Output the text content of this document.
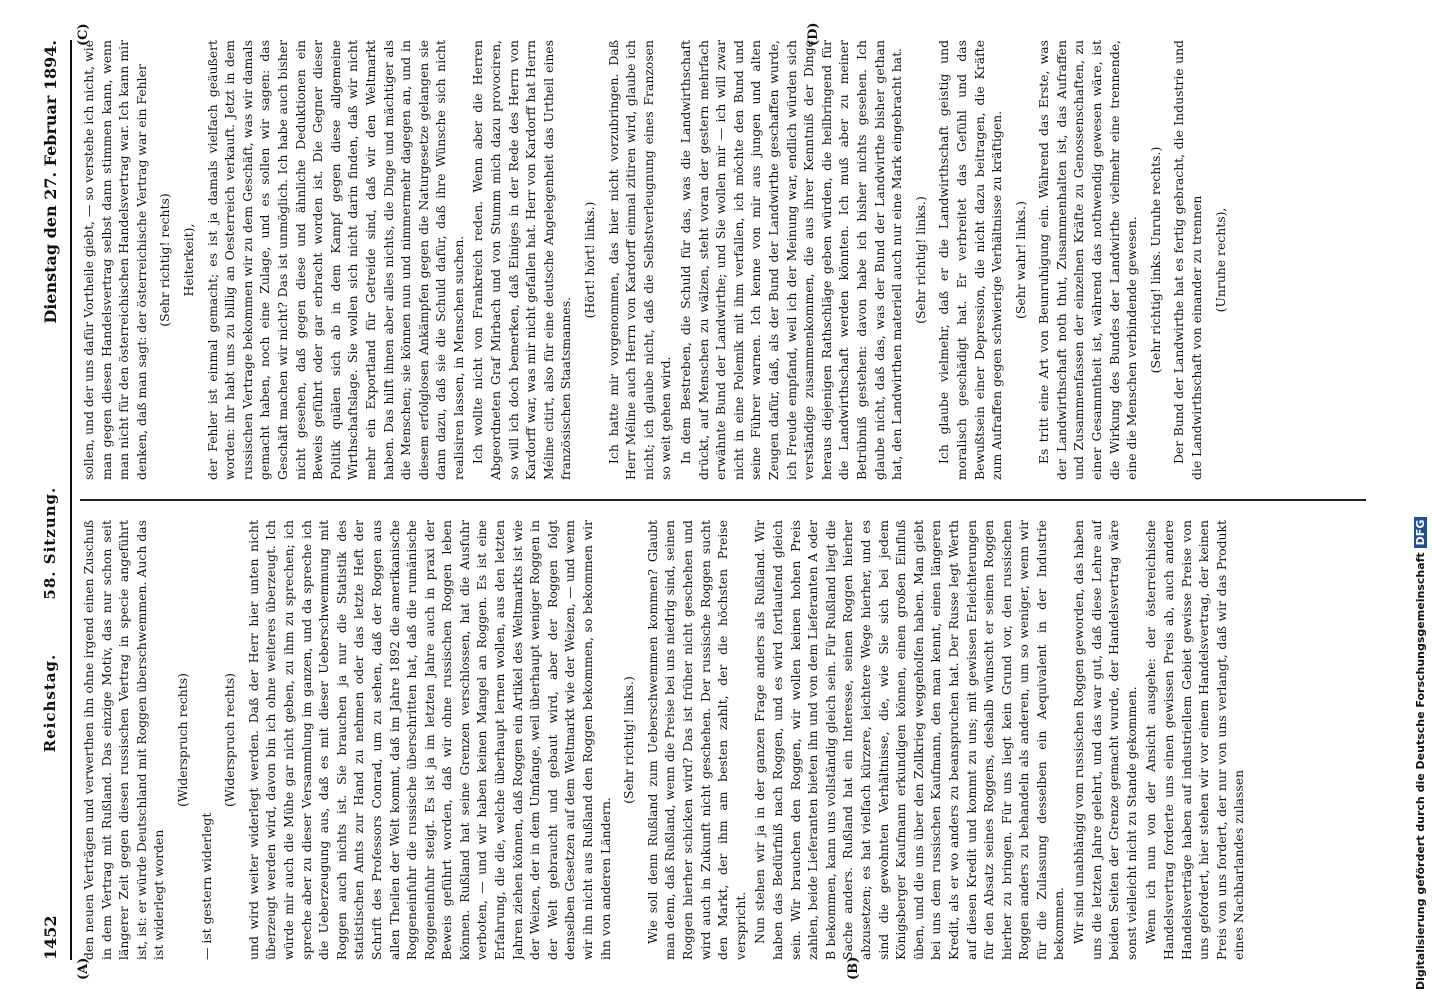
1452
Reichstag. 58. Sitzung.
Dienstag den 27. Februar 1894.
(A)	(B)
(C)	(D)

den neuen Verträgen und verwerthen ihn ohne irgend einen Zuschuß in dem Vertrag mit Rußland. Das einzige Motiv, das nur schon seit längerer Zeit gegen diesen russischen Vertrag in specie angeführt ist, ist: er würde Deutschland mit Roggen überschwemmen. Auch das ist widerlegt worden

(Widerspruch rechts)

— ist gestern widerlegt

(Widerspruch rechts) und wird weiter widerlegt werden. Daß der Herr hier unten nicht überzeugt werden wird, davon bin ich ohne weiteres überzeugt. Ich würde mir auch die Mühe gar nicht geben, zu ihm zu sprechen; ich spreche aber zu dieser Versammlung im ganzen, und da spreche ich die Ueberzeugung aus, daß es mit dieser Ueberschwemmung mit Roggen auch nichts ist. Sie brauchen ja nur die Statistik des statistischen Amts zur Hand zu nehmen oder das letzte Heft der Schrift des Professors Conrad, um zu sehen, daß der Roggen aus allen Theilen der Welt kommt, daß im Jahre 1892 die amerikanische Roggeneinfuhr die russische überschritten hat, daß die rumänische Roggeneinfuhr steigt. Es ist ja im letzten Jahre auch in praxi der Beweis geführt worden, daß wir ohne russischen Roggen leben können. Rußland hat seine Grenzen verschlossen, hat die Ausfuhr verboten, — und wir haben keinen Mangel an Roggen. Es ist eine Erfahrung, die die, welche überhaupt lernen wollen, aus den letzten Jahren ziehen können, daß Roggen ein Artikel des Weltmarkts ist wie der Weizen, der in dem Umfange, weil überhaupt weniger Roggen in der Welt gebraucht und gebaut wird, aber der Roggen folgt denselben Gesetzen auf dem Weltmarkt wie der Weizen, — und wenn wir ihn nicht aus Rußland den Roggen bekommen, so bekommen wir ihn von anderen Ländern.

(Sehr richtig! links.) Wie soll denn Rußland zum Ueberschwemmen kommen? Glaubt man denn, daß Rußland, wenn die Preise bei uns niedrig sind, seinen Roggen hierher schicken wird? Das ist früher nicht geschehen und wird auch in Zukunft nicht geschehen. Der russische Roggen sucht den Markt, der ihm am besten zahlt, der die höchsten Preise verspricht. Nun stehen wir ja in der ganzen Frage anders als Rußland. Wir haben das Bedürfniß nach Roggen, und es wird fortlaufend gleich sein. Wir brauchen den Roggen, wir wollen keinen hohen Preis zahlen, beide Lieferanten bieten ihn und von dem Lieferanten A oder B bekommen, kann uns vollständig gleich sein. Für Rußland liegt die Sache anders. Rußland hat ein Interesse, seinen Roggen hierher abzusetzen; es hat vielfach kürzere, leichtere Wege hierher, und es sind die gewohnten Verhältnisse, die, wie Sie sich bei jedem Königsberger Kaufmann erkundigen können, einen großen Einfluß üben, und die uns über den Zollkrieg weggeholfen haben. Man giebt bei uns dem russischen Kaufmann, den man kennt, einen längeren Kredit, als er wo anders zu beanspruchen hat. Der Russe legt Werth auf diesen Kredit und kommt zu uns; mit gewissen Erleichterungen für den Absatz seines Roggens, deshalb wünscht er seinen Roggen hierher zu bringen. Für uns liegt kein Grund vor, den russischen Roggen anders zu behandeln als anderen, um so weniger, wenn wir für die Zulassung desselben ein Aequivalent in der Industrie bekommen. Wir sind unabhängig vom russischen Roggen geworden, das haben uns die letzten Jahre gelehrt, und das war gut, daß diese Lehre auf beiden Seiten der Grenze gemacht wurde, der Handelsvertrag wäre sonst vielleicht nicht zu Stande gekommen. Wenn ich nun von der Ansicht ausgehe: der österreichische Handelsvertrag forderte uns einen gewissen Preis ab, auch andere Handelsverträge haben auf industriellem Gebiet gewisse Preise von uns gefordert, hier stehen wir vor einem Handelsvertrag, der keinen Preis von uns fordert, der nur von uns verlangt, daß wir das Produkt eines Nachbarlandes zulassen

sollen, und der uns dafür Vortheile giebt, — so verstehe ich nicht, wie man gegen diesen Handelsvertrag selbst dann stimmen kann, wenn man nicht für den österreichischen Handelsvertrag war. Ich kann mir denken, daß man sagt: der österreichische Vertrag war ein Fehler (Sehr richtig! rechts) Heiterkeit), der Fehler ist einmal gemacht; es ist ja damals vielfach geäußert worden: ihr habt uns zu billig an Oesterreich verkauft. Jetzt in dem russischen Vertrage bekommen wir zu dem Geschäft, was wir damals gemacht haben, noch eine Zulage, und es sollen wir sagen: das Geschäft machen wir nicht? Das ist unmöglich. Ich habe auch bisher nicht gesehen, daß gegen diese und ähnliche Deduktionen ein Beweis geführt oder gar erbracht worden ist. Die Gegner dieser Politik quälen sich ab in dem Kampf gegen diese allgemeine Wirthschaftslage. Sie wollen sich nicht darin finden, daß wir nicht mehr ein Exportland für Getreide sind, daß wir den Weltmarkt haben. Das hilft ihnen aber alles nichts, die Dinge und mächtiger als die Menschen; sie können nun und nimmermehr dagegen an, und in diesem erfolglosen Ankämpfen gegen die Naturgesetze gelangen sie dann dazu, daß sie die Schuld dafür, daß ihre Wünsche sich nicht realisiren lassen, in Menschen suchen. Ich wollte nicht von Frankreich reden. Wenn aber die Herren Abgeordneten Graf Mirbach und von Stumm mich dazu provociren, so will ich doch bemerken, daß Einiges in der Rede des Herrn von Kardorff war, was mir nicht gefallen hat. Herr von Kardorff hat Herrn Méline citirt, also für eine deutsche Angelegenheit das Urtheil eines französischen Staatsmannes.

(Hört! hört! links.) Ich hatte mir vorgenommen, das hier nicht vorzubringen. Daß Herr Méline auch Herrn von Kardorff einmal zitiren wird, glaube ich nicht; ich glaube nicht, daß die Selbstverleugnung eines Franzosen so weit gehen wird. In dem Bestreben, die Schuld für das, was die Landwirthschaft drückt, auf Menschen zu wälzen, steht voran der gestern mehrfach erwähnte Bund der Landwirthe; und Sie wollen mir — ich will zwar nicht in eine Polemik mit ihm verfallen, ich möchte den Bund und seine Führer warnen. Ich kenne von mir aus jungen und alten Zeugen dafür, daß, als der Bund der Landwirthe geschaffen wurde, ich Freude empfand, weil ich der Meinung war, endlich würden sich verständige zusammenkommen, die aus ihrer Kenntniß der Dinge heraus diejenigen Rathschläge geben würden, die heilbringend für die Landwirthschaft werden könnten. Ich muß aber zu meiner Betrübniß gestehen: davon habe ich bisher nichts gesehen. Ich glaube nicht, daß das, was der Bund der Landwirthe bisher gethan hat, den Landwirthen materiell auch nur eine Mark eingebracht hat. (Sehr richtig! links.) Ich glaube vielmehr, daß er die Landwirthschaft geistig und moralisch geschädigt hat. Er verbreitet das Gefühl und das Bewußtsein einer Depression, die nicht dazu beitragen, die Kräfte zum Aufraffen gegen schwierige Verhältnisse zu kräftigen. (Sehr wahr! links.) Es tritt eine Art von Beunruhigung ein. Während das Erste, was der Landwirthschaft noth thut, Zusammenhalten ist, das Aufraffen und Zusammenfassen der einzelnen Kräfte zu Genossenschaften, zu einer Gesammtheit ist, während das nothwendig gewesen wäre, ist die Wirkung des Bundes der Landwirthe vielmehr eine trennende, eine die Menschen verbindende gewesen. (Sehr richtig! links. Unruhe rechts.) Der Bund der Landwirthe hat es fertig gebracht, die Industrie und die Landwirthschaft von einander zu trennen (Unruhe rechts),

Digitalisierung gefördert durch die Deutsche ForschungsgemeinschaftDFG
